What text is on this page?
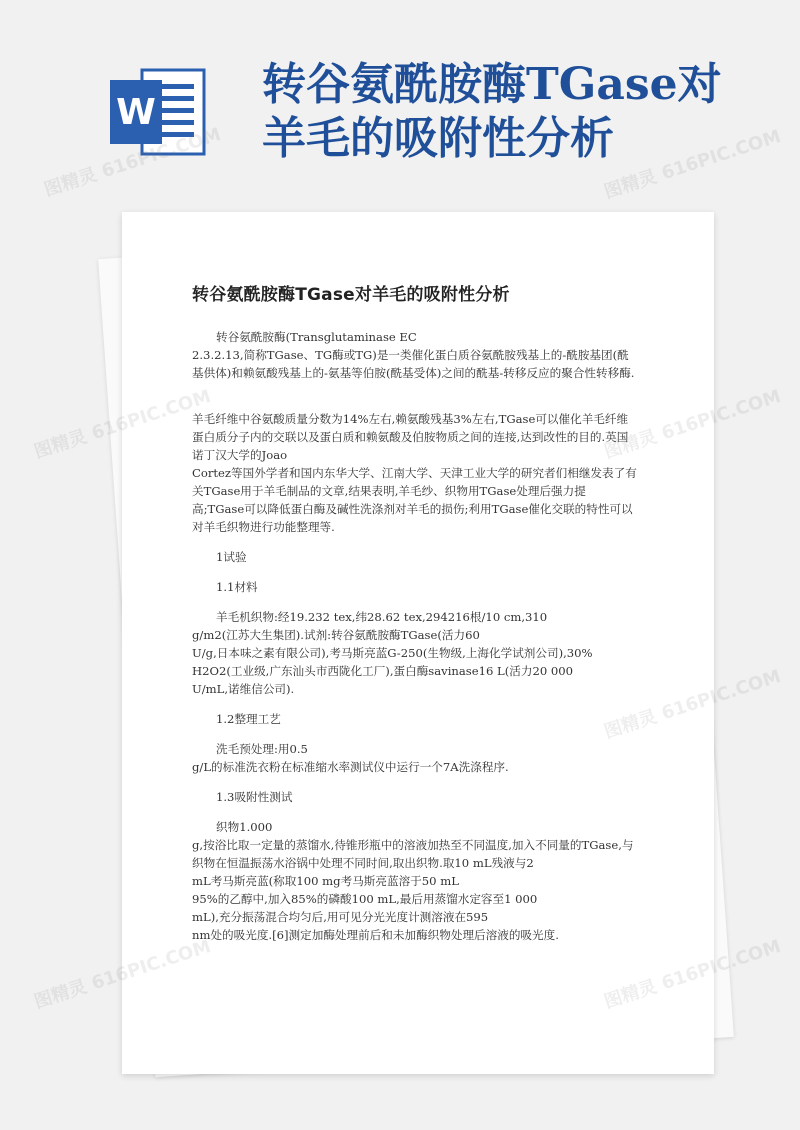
W
转谷氨酰胺酶TGase对羊毛的吸附性分析
转谷氨酰胺酶TGase对羊毛的吸附性分析

转谷氨酰胺酶(Transglutaminase EC

2.3.2.13,简称TGase、TG酶或TG)是一类催化蛋白质谷氨酰胺残基上的-酰胺基团(酰基供体)和赖氨酸残基上的-氨基等伯胺(酰基受体)之间的酰基-转移反应的聚合性转移酶.

羊毛纤维中谷氨酸质量分数为14%左右,赖氨酸残基3%左右,TGase可以催化羊毛纤维蛋白质分子内的交联以及蛋白质和赖氨酸及伯胺物质之间的连接,达到改性的目的.英国诺丁汉大学的Joao

Cortez等国外学者和国内东华大学、江南大学、天津工业大学的研究者们相继发表了有关TGase用于羊毛制品的文章,结果表明,羊毛纱、织物用TGase处理后强力提高;TGase可以降低蛋白酶及碱性洗涤剂对羊毛的损伤;利用TGase催化交联的特性可以对羊毛织物进行功能整理等.

1试验

1.1材料

羊毛机织物:经19.232 tex,纬28.62 tex,294216根/10 cm,310

g/m2(江苏大生集团).试剂:转谷氨酰胺酶TGase(活力60

U/g,日本味之素有限公司),考马斯亮蓝G-250(生物级,上海化学试剂公司),30%

H2O2(工业级,广东汕头市西陇化工厂),蛋白酶savinase16 L(活力20 000

U/mL,诺维信公司).

1.2整理工艺

洗毛预处理:用0.5

g/L的标准洗衣粉在标准缩水率测试仪中运行一个7A洗涤程序.

1.3吸附性测试

织物1.000

g,按浴比取一定量的蒸馏水,待锥形瓶中的溶液加热至不同温度,加入不同量的TGase,与织物在恒温振荡水浴锅中处理不同时间,取出织物.取10 mL残液与2

mL考马斯亮蓝(称取100 mg考马斯亮蓝溶于50 mL

95%的乙醇中,加入85%的磷酸100 mL,最后用蒸馏水定容至1 000

mL),充分振荡混合均匀后,用可见分光光度计测溶液在595

nm处的吸光度.[6]测定加酶处理前后和未加酶织物处理后溶液的吸光度.

图精灵 616PIC.COM	图精灵 616PIC.COM
图精灵
616PIC.COM
616PIC.COM
图精灵
